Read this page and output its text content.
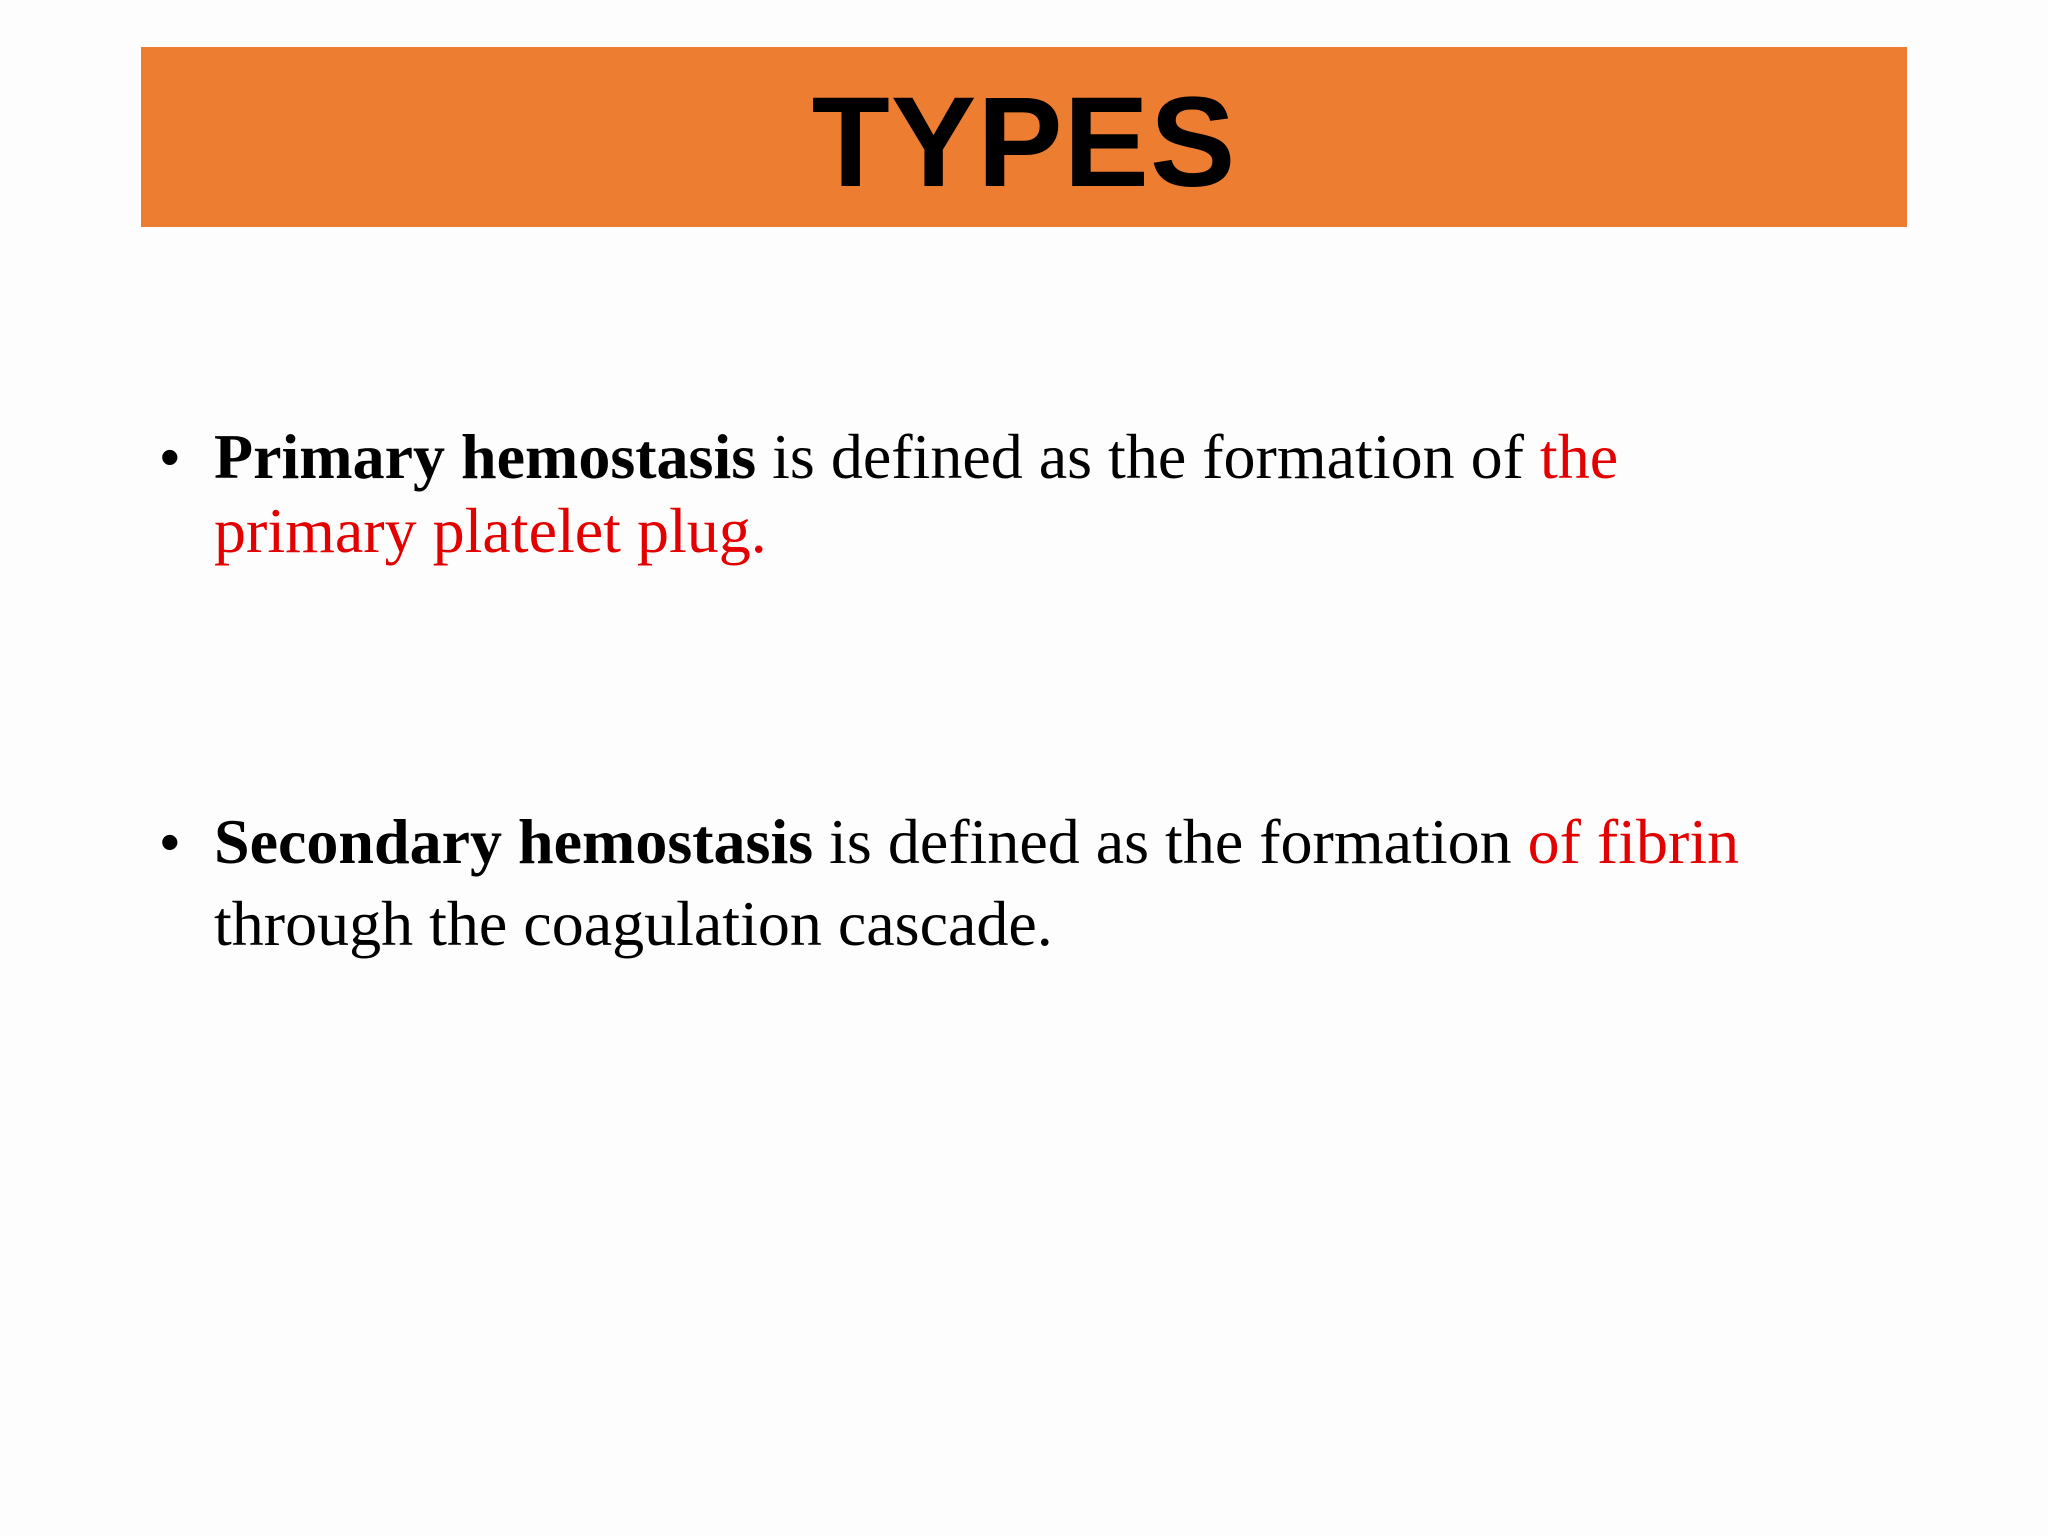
TYPES
• Primary hemostasis is defined as the formation of the primary platelet plug.
• Secondary hemostasis is defined as the formation of fibrin through the coagulation cascade.
